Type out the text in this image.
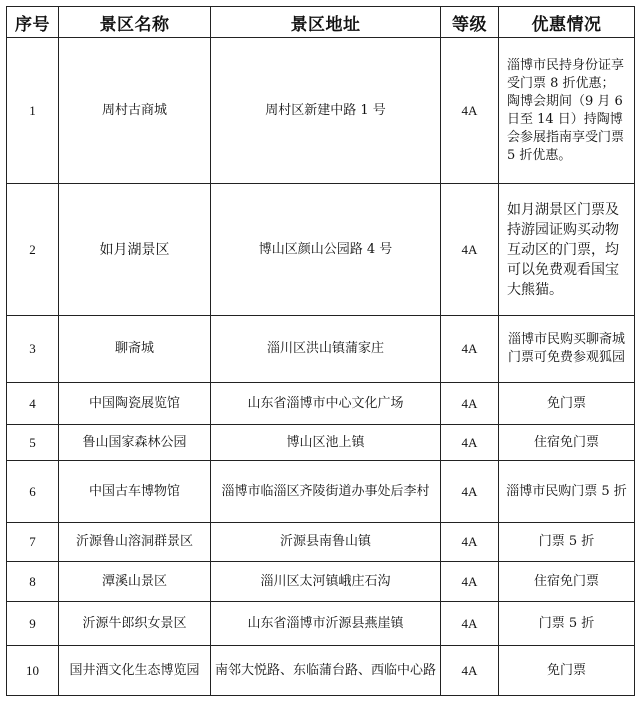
序号	景区名称	景区地址	等级	优惠情况
1	周村古商城	周村区新建中路 1 号	4A	淄博市民持身份证享受门票 8 折优惠；陶博会期间（9 月 6 日至 14 日）持陶博会参展指南享受门票 5 折优惠。
2	如月湖景区	博山区颜山公园路 4 号	4A	如月湖景区门票及持游园证购买动物互动区的门票，均可以免费观看国宝大熊猫。
3	聊斋城	淄川区洪山镇蒲家庄	4A	淄博市民购买聊斋城门票可免费参观狐园
4	中国陶瓷展览馆	山东省淄博市中心文化广场	4A	免门票
5	鲁山国家森林公园	博山区池上镇	4A	住宿免门票
6	中国古车博物馆	淄博市临淄区齐陵街道办事处后李村	4A	淄博市民购门票 5 折
7	沂源鲁山溶洞群景区	沂源县南鲁山镇	4A	门票 5 折
8	潭溪山景区	淄川区太河镇峨庄石沟	4A	住宿免门票
9	沂源牛郎织女景区	山东省淄博市沂源县燕崖镇	4A	门票 5 折
10	国井酒文化生态博览园	南邻大悦路、东临蒲台路、西临中心路	4A	免门票
